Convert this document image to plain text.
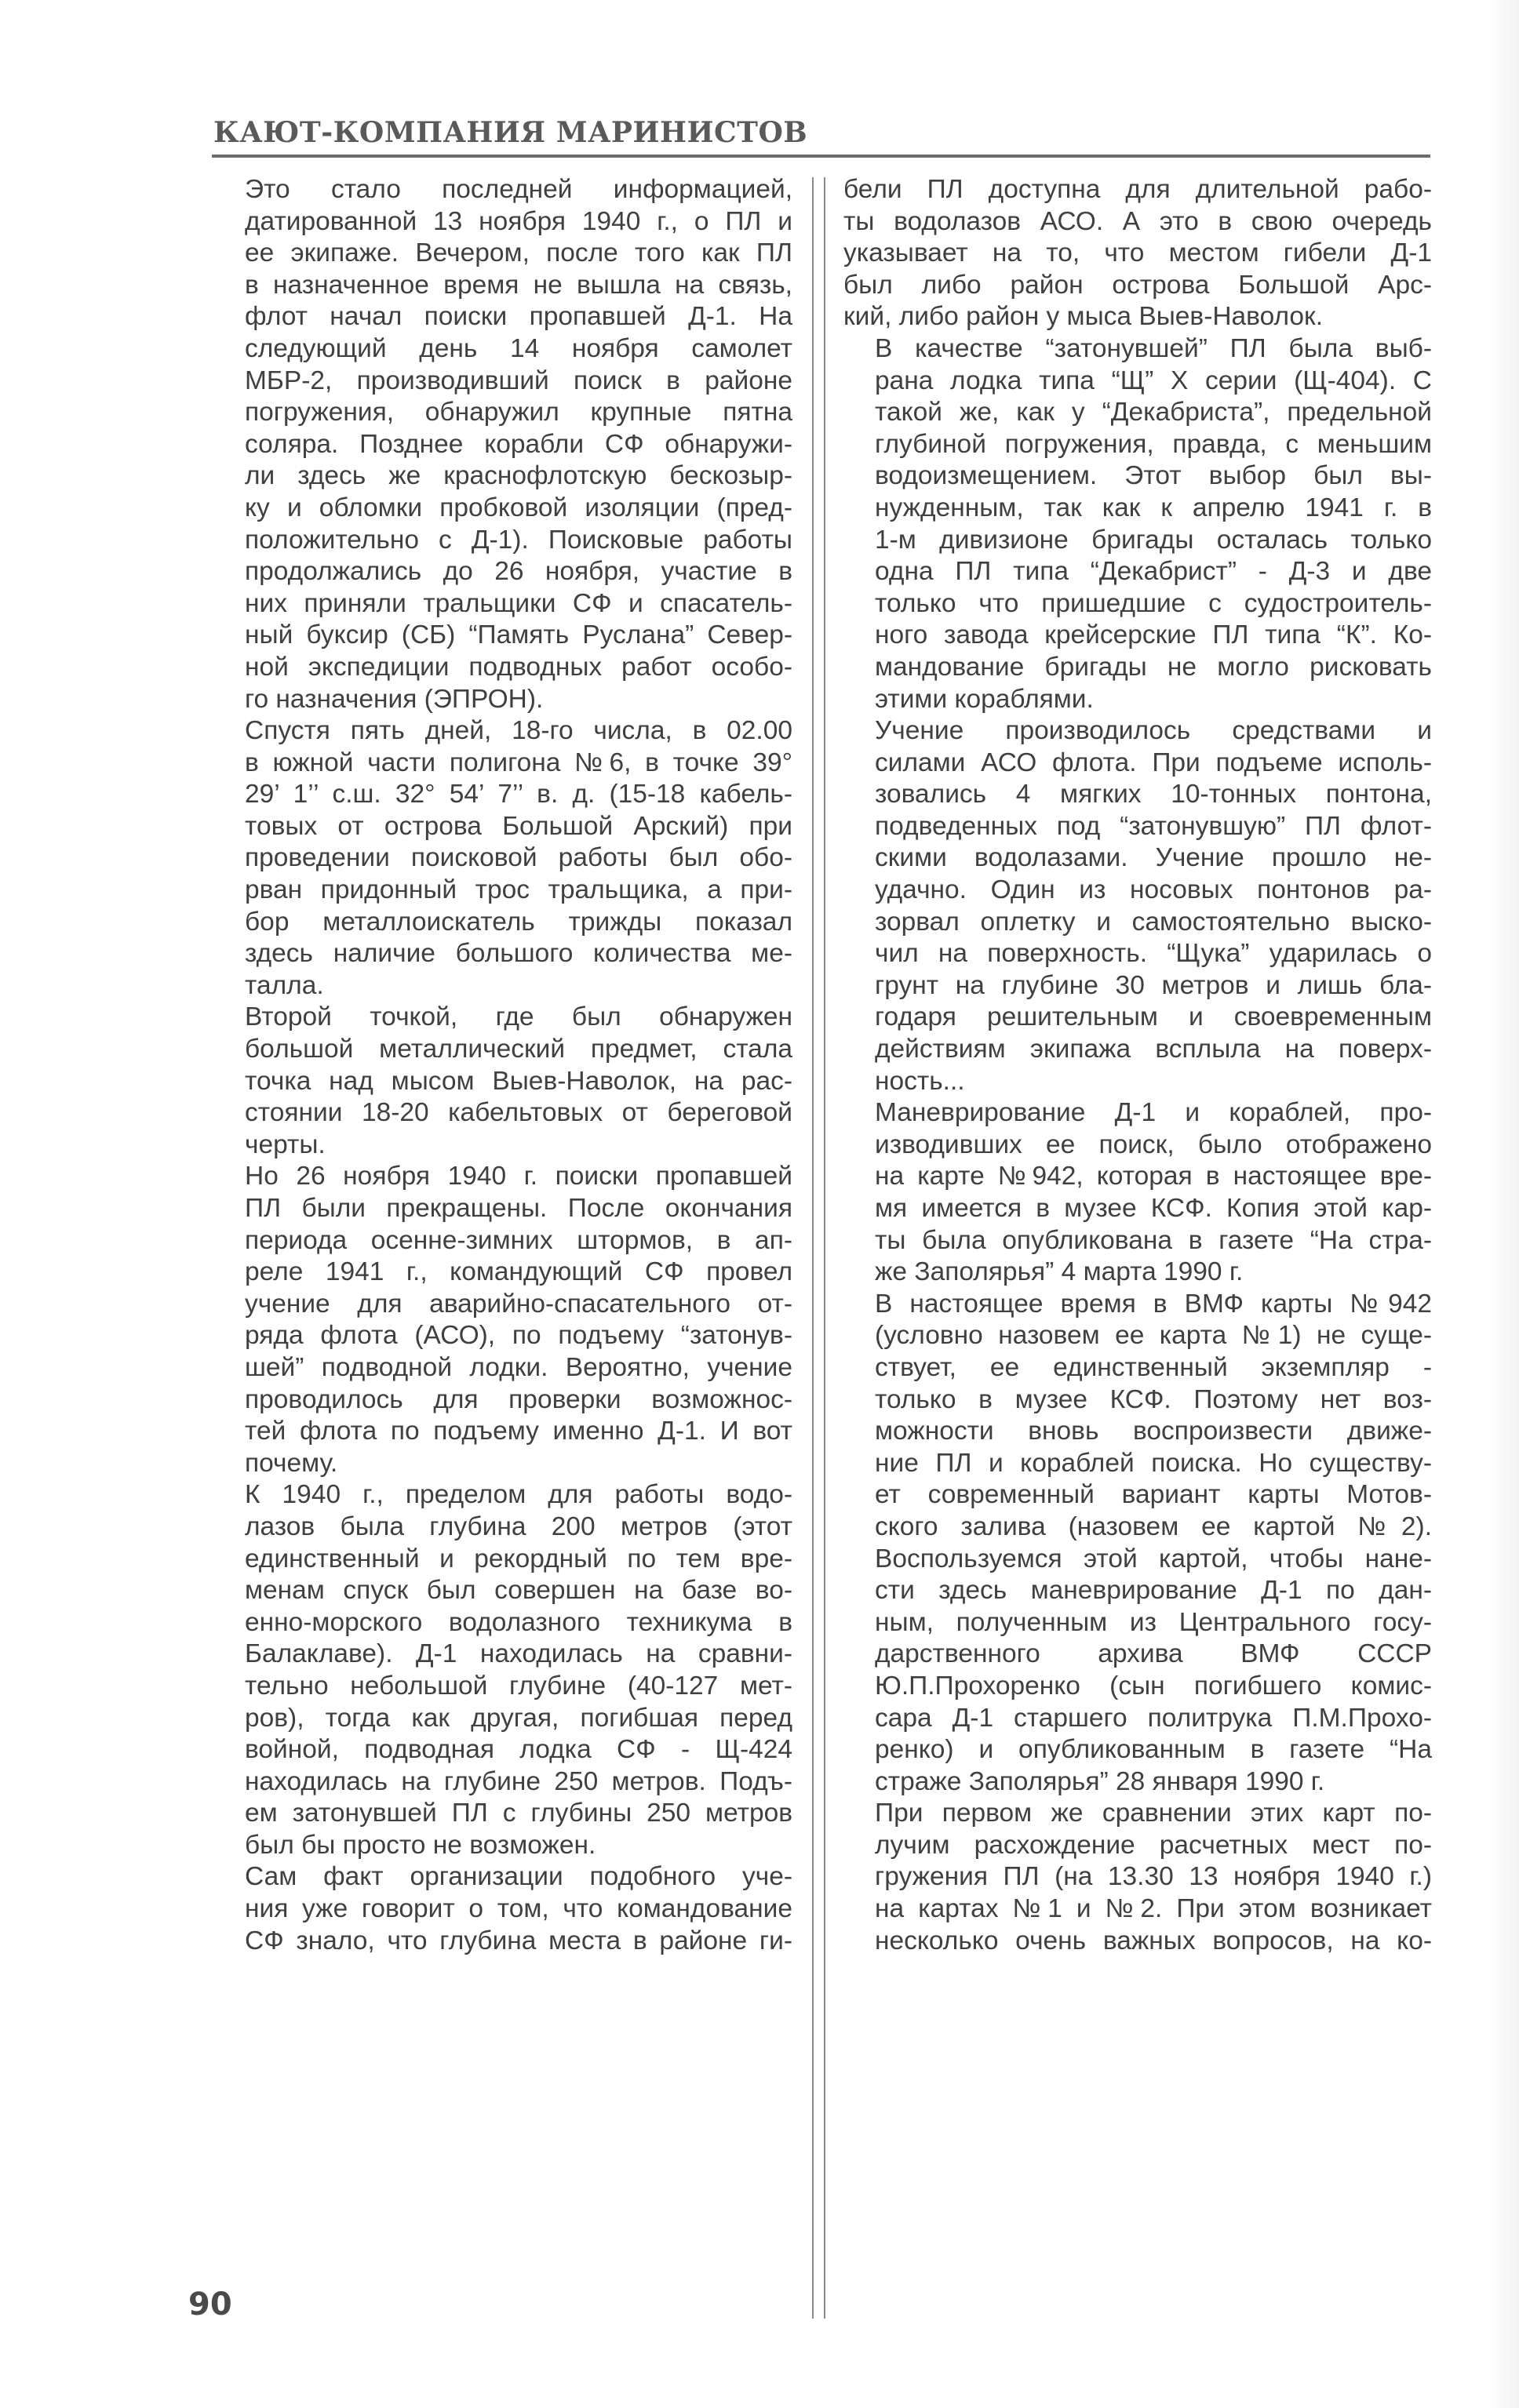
КАЮТ-КОМПАНИЯ МАРИНИСТОВ

Это стало последней информацией,
датированной 13 ноября 1940 г., о ПЛ и
ее экипаже. Вечером, после того как ПЛ
в назначенное время не вышла на связь,
флот начал поиски пропавшей Д-1. На
следующий день 14 ноября самолет
МБР-2, производивший поиск в районе
погружения, обнаружил крупные пятна
соляра. Позднее корабли СФ обнаружи-
ли здесь же краснофлотскую бескозыр-
ку и обломки пробковой изоляции (пред-
положительно с Д-1). Поисковые работы
продолжались до 26 ноября, участие в
них приняли тральщики СФ и спасатель-
ный буксир (СБ) “Память Руслана” Север-
ной экспедиции подводных работ особо-
го назначения (ЭПРОН).

Спустя пять дней, 18-го числа, в 02.00
в южной части полигона №6, в точке 39°
29’ 1’’ с.ш. 32° 54’ 7’’ в. д. (15-18 кабель-
товых от острова Большой Арский) при
проведении поисковой работы был обо-
рван придонный трос тральщика, а при-
бор металлоискатель трижды показал
здесь наличие большого количества ме-
талла.

Второй точкой, где был обнаружен
большой металлический предмет, стала
точка над мысом Выев-Наволок, на рас-
стоянии 18-20 кабельтовых от береговой
черты.

Но 26 ноября 1940 г. поиски пропавшей
ПЛ были прекращены. После окончания
периода осенне-зимних штормов, в ап-
реле 1941 г., командующий СФ провел
учение для аварийно-спасательного от-
ряда флота (АСО), по подъему “затонув-
шей” подводной лодки. Вероятно, учение
проводилось для проверки возможнос-
тей флота по подъему именно Д-1. И вот
почему.

К 1940 г., пределом для работы водо-
лазов была глубина 200 метров (этот
единственный и рекордный по тем вре-
менам спуск был совершен на базе во-
енно-морского водолазного техникума в
Балаклаве). Д-1 находилась на сравни-
тельно небольшой глубине (40-127 мет-
ров), тогда как другая, погибшая перед
войной, подводная лодка СФ - Щ-424
находилась на глубине 250 метров. Подъ-
ем затонувшей ПЛ с глубины 250 метров
был бы просто не возможен.

Сам факт организации подобного уче-
ния уже говорит о том, что командование
СФ знало, что глубина места в районе ги-

бели ПЛ доступна для длительной рабо-
ты водолазов АСО. А это в свою очередь
указывает на то, что местом гибели Д-1
был либо район острова Большой Арс-
кий, либо район у мыса Выев-Наволок.

В качестве “затонувшей” ПЛ была выб-
рана лодка типа “Щ” X серии (Щ-404). С
такой же, как у “Декабриста”, предельной
глубиной погружения, правда, с меньшим
водоизмещением. Этот выбор был вы-
нужденным, так как к апрелю 1941 г. в
1-м дивизионе бригады осталась только
одна ПЛ типа “Декабрист” - Д-3 и две
только что пришедшие с судостроитель-
ного завода крейсерские ПЛ типа “К”. Ко-
мандование бригады не могло рисковать
этими кораблями.

Учение производилось средствами и
силами АСО флота. При подъеме исполь-
зовались 4 мягких 10-тонных понтона,
подведенных под “затонувшую” ПЛ флот-
скими водолазами. Учение прошло не-
удачно. Один из носовых понтонов ра-
зорвал оплетку и самостоятельно выско-
чил на поверхность. “Щука” ударилась о
грунт на глубине 30 метров и лишь бла-
годаря решительным и своевременным
действиям экипажа всплыла на поверх-
ность...

Маневрирование Д-1 и кораблей, про-
изводивших ее поиск, было отображено
на карте №942, которая в настоящее вре-
мя имеется в музее КСФ. Копия этой кар-
ты была опубликована в газете “На стра-
же Заполярья” 4 марта 1990 г.

В настоящее время в ВМФ карты №942
(условно назовем ее карта №1) не суще-
ствует, ее единственный экземпляр -
только в музее КСФ. Поэтому нет воз-
можности вновь воспроизвести движе-
ние ПЛ и кораблей поиска. Но существу-
ет современный вариант карты Мотов-
ского залива (назовем ее картой №2).
Воспользуемся этой картой, чтобы нане-
сти здесь маневрирование Д-1 по дан-
ным, полученным из Центрального госу-
дарственного архива ВМФ СССР
Ю.П.Прохоренко (сын погибшего комис-
сара Д-1 старшего политрука П.М.Прохо-
ренко) и опубликованным в газете “На
страже Заполярья” 28 января 1990 г.

При первом же сравнении этих карт по-
лучим расхождение расчетных мест по-
гружения ПЛ (на 13.30 13 ноября 1940 г.)
на картах №1 и №2. При этом возникает
несколько очень важных вопросов, на ко-

90
